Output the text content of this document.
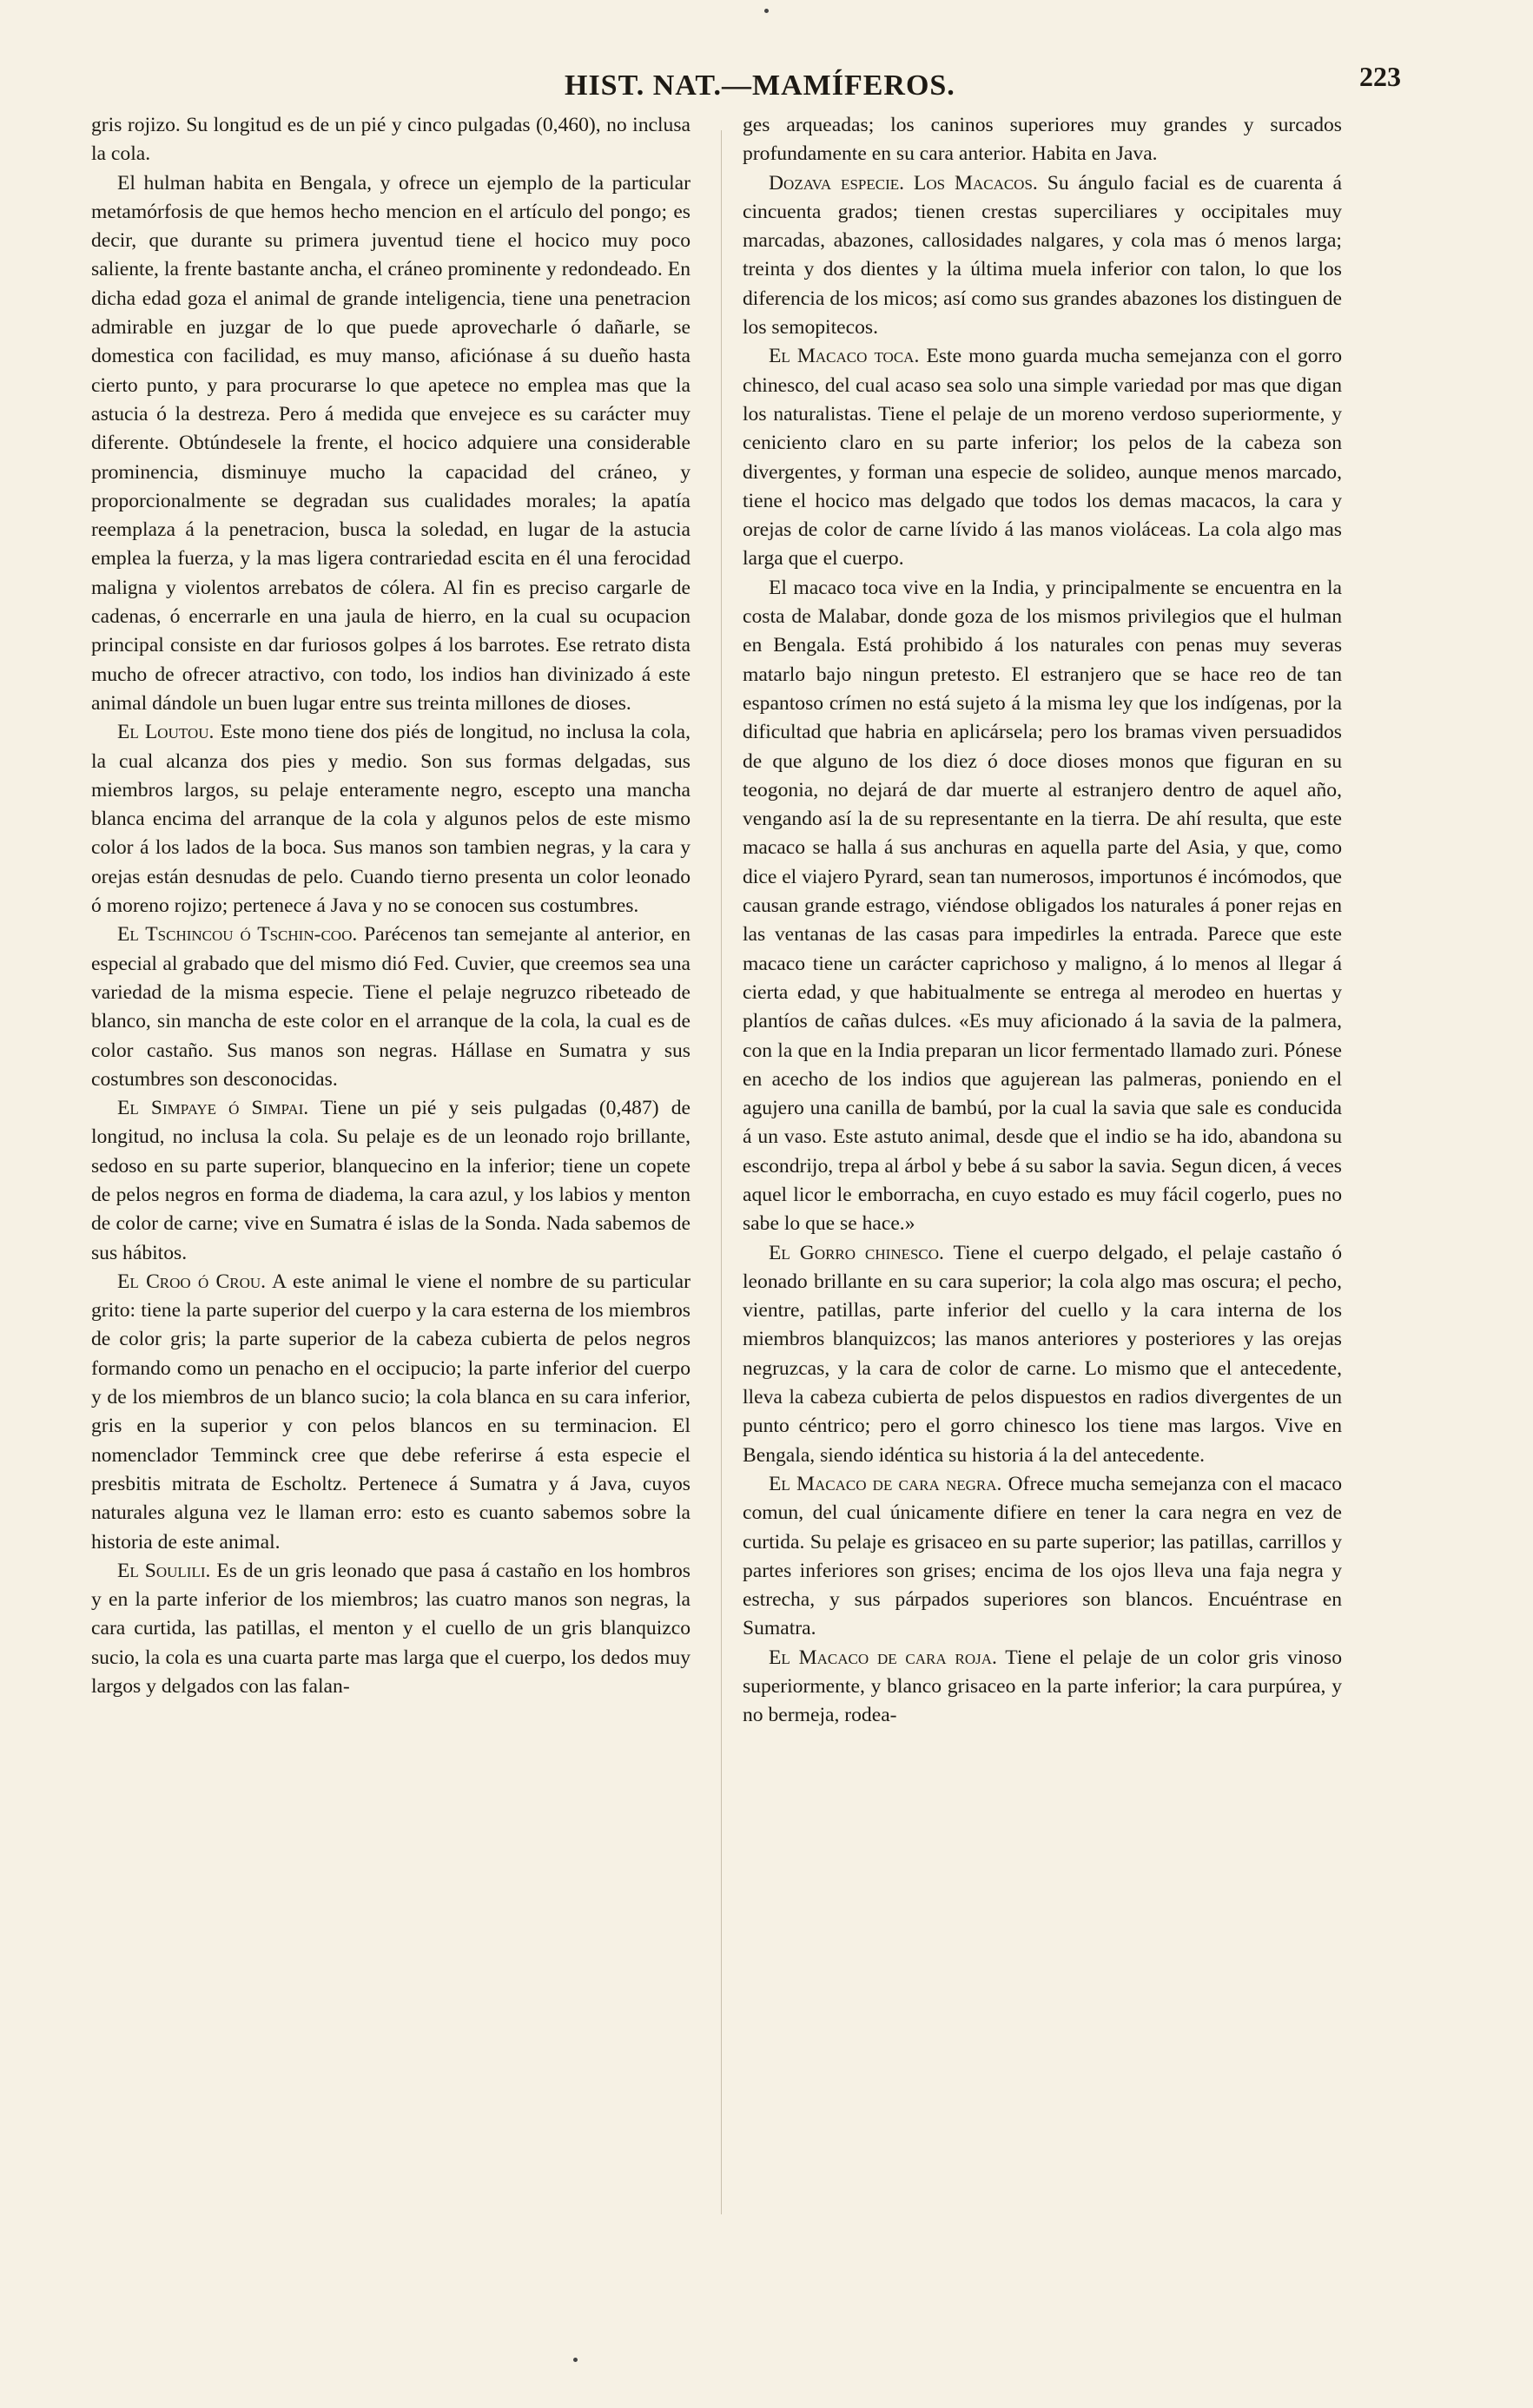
HIST. NAT.—MAMÍFEROS.	223

gris rojizo. Su longitud es de un pié y cinco pulgadas (0,460), no inclusa la cola.

El hulman habita en Bengala, y ofrece un ejemplo de la particular metamórfosis de que hemos hecho mencion en el artículo del pongo; es decir, que durante su primera juventud tiene el hocico muy poco saliente, la frente bastante ancha, el cráneo prominente y redondeado. En dicha edad goza el animal de grande inteligencia, tiene una penetracion admirable en juzgar de lo que puede aprovecharle ó dañarle, se domestica con facilidad, es muy manso, aficiónase á su dueño hasta cierto punto, y para procurarse lo que apetece no emplea mas que la astucia ó la destreza. Pero á medida que envejece es su carácter muy diferente. Obtúndesele la frente, el hocico adquiere una considerable prominencia, disminuye mucho la capacidad del cráneo, y proporcionalmente se degradan sus cualidades morales; la apatía reemplaza á la penetracion, busca la soledad, en lugar de la astucia emplea la fuerza, y la mas ligera contrariedad escita en él una ferocidad maligna y violentos arrebatos de cólera. Al fin es preciso cargarle de cadenas, ó encerrarle en una jaula de hierro, en la cual su ocupacion principal consiste en dar furiosos golpes á los barrotes. Ese retrato dista mucho de ofrecer atractivo, con todo, los indios han divinizado á este animal dándole un buen lugar entre sus treinta millones de dioses.

El Loutou. Este mono tiene dos piés de longitud, no inclusa la cola, la cual alcanza dos pies y medio. Son sus formas delgadas, sus miembros largos, su pelaje enteramente negro, escepto una mancha blanca encima del arranque de la cola y algunos pelos de este mismo color á los lados de la boca. Sus manos son tambien negras, y la cara y orejas están desnudas de pelo. Cuando tierno presenta un color leonado ó moreno rojizo; pertenece á Java y no se conocen sus costumbres.

El Tschincou ó Tschin-coo. Parécenos tan semejante al anterior, en especial al grabado que del mismo dió Fed. Cuvier, que creemos sea una variedad de la misma especie. Tiene el pelaje negruzco ribeteado de blanco, sin mancha de este color en el arranque de la cola, la cual es de color castaño. Sus manos son negras. Hállase en Sumatra y sus costumbres son desconocidas.

El Simpaye ó Simpai. Tiene un pié y seis pulgadas (0,487) de longitud, no inclusa la cola. Su pelaje es de un leonado rojo brillante, sedoso en su parte superior, blanquecino en la inferior; tiene un copete de pelos negros en forma de diadema, la cara azul, y los labios y menton de color de carne; vive en Sumatra é islas de la Sonda. Nada sabemos de sus hábitos.

El Croo ó Crou. A este animal le viene el nombre de su particular grito: tiene la parte superior del cuerpo y la cara esterna de los miembros de color gris; la parte superior de la cabeza cubierta de pelos negros formando como un penacho en el occipucio; la parte inferior del cuerpo y de los miembros de un blanco sucio; la cola blanca en su cara inferior, gris en la superior y con pelos blancos en su terminacion. El nomenclador Temminck cree que debe referirse á esta especie el presbitis mitrata de Escholtz. Pertenece á Sumatra y á Java, cuyos naturales alguna vez le llaman erro: esto es cuanto sabemos sobre la historia de este animal.

El Soulili. Es de un gris leonado que pasa á castaño en los hombros y en la parte inferior de los miembros; las cuatro manos son negras, la cara curtida, las patillas, el menton y el cuello de un gris blanquizco sucio, la cola es una cuarta parte mas larga que el cuerpo, los dedos muy largos y delgados con las falan-

ges arqueadas; los caninos superiores muy grandes y surcados profundamente en su cara anterior. Habita en Java.

Dozava especie. Los Macacos. Su ángulo facial es de cuarenta á cincuenta grados; tienen crestas superciliares y occipitales muy marcadas, abazones, callosidades nalgares, y cola mas ó menos larga; treinta y dos dientes y la última muela inferior con talon, lo que los diferencia de los micos; así como sus grandes abazones los distinguen de los semopitecos.

El Macaco toca. Este mono guarda mucha semejanza con el gorro chinesco, del cual acaso sea solo una simple variedad por mas que digan los naturalistas. Tiene el pelaje de un moreno verdoso superiormente, y ceniciento claro en su parte inferior; los pelos de la cabeza son divergentes, y forman una especie de solideo, aunque menos marcado, tiene el hocico mas delgado que todos los demas macacos, la cara y orejas de color de carne lívido á las manos violáceas. La cola algo mas larga que el cuerpo.

El macaco toca vive en la India, y principalmente se encuentra en la costa de Malabar, donde goza de los mismos privilegios que el hulman en Bengala. Está prohibido á los naturales con penas muy severas matarlo bajo ningun pretesto. El estranjero que se hace reo de tan espantoso crímen no está sujeto á la misma ley que los indígenas, por la dificultad que habria en aplicársela; pero los bramas viven persuadidos de que alguno de los diez ó doce dioses monos que figuran en su teogonia, no dejará de dar muerte al estranjero dentro de aquel año, vengando así la de su representante en la tierra. De ahí resulta, que este macaco se halla á sus anchuras en aquella parte del Asia, y que, como dice el viajero Pyrard, sean tan numerosos, importunos é incómodos, que causan grande estrago, viéndose obligados los naturales á poner rejas en las ventanas de las casas para impedirles la entrada. Parece que este macaco tiene un carácter caprichoso y maligno, á lo menos al llegar á cierta edad, y que habitualmente se entrega al merodeo en huertas y plantíos de cañas dulces. «Es muy aficionado á la savia de la palmera, con la que en la India preparan un licor fermentado llamado zuri. Pónese en acecho de los indios que agujerean las palmeras, poniendo en el agujero una canilla de bambú, por la cual la savia que sale es conducida á un vaso. Este astuto animal, desde que el indio se ha ido, abandona su escondrijo, trepa al árbol y bebe á su sabor la savia. Segun dicen, á veces aquel licor le emborracha, en cuyo estado es muy fácil cogerlo, pues no sabe lo que se hace.»

El Gorro chinesco. Tiene el cuerpo delgado, el pelaje castaño ó leonado brillante en su cara superior; la cola algo mas oscura; el pecho, vientre, patillas, parte inferior del cuello y la cara interna de los miembros blanquizcos; las manos anteriores y posteriores y las orejas negruzcas, y la cara de color de carne. Lo mismo que el antecedente, lleva la cabeza cubierta de pelos dispuestos en radios divergentes de un punto céntrico; pero el gorro chinesco los tiene mas largos. Vive en Bengala, siendo idéntica su historia á la del antecedente.

El Macaco de cara negra. Ofrece mucha semejanza con el macaco comun, del cual únicamente difiere en tener la cara negra en vez de curtida. Su pelaje es grisaceo en su parte superior; las patillas, carrillos y partes inferiores son grises; encima de los ojos lleva una faja negra y estrecha, y sus párpados superiores son blancos. Encuéntrase en Sumatra.

El Macaco de cara roja. Tiene el pelaje de un color gris vinoso superiormente, y blanco grisaceo en la parte inferior; la cara purpúrea, y no bermeja, rodea-
